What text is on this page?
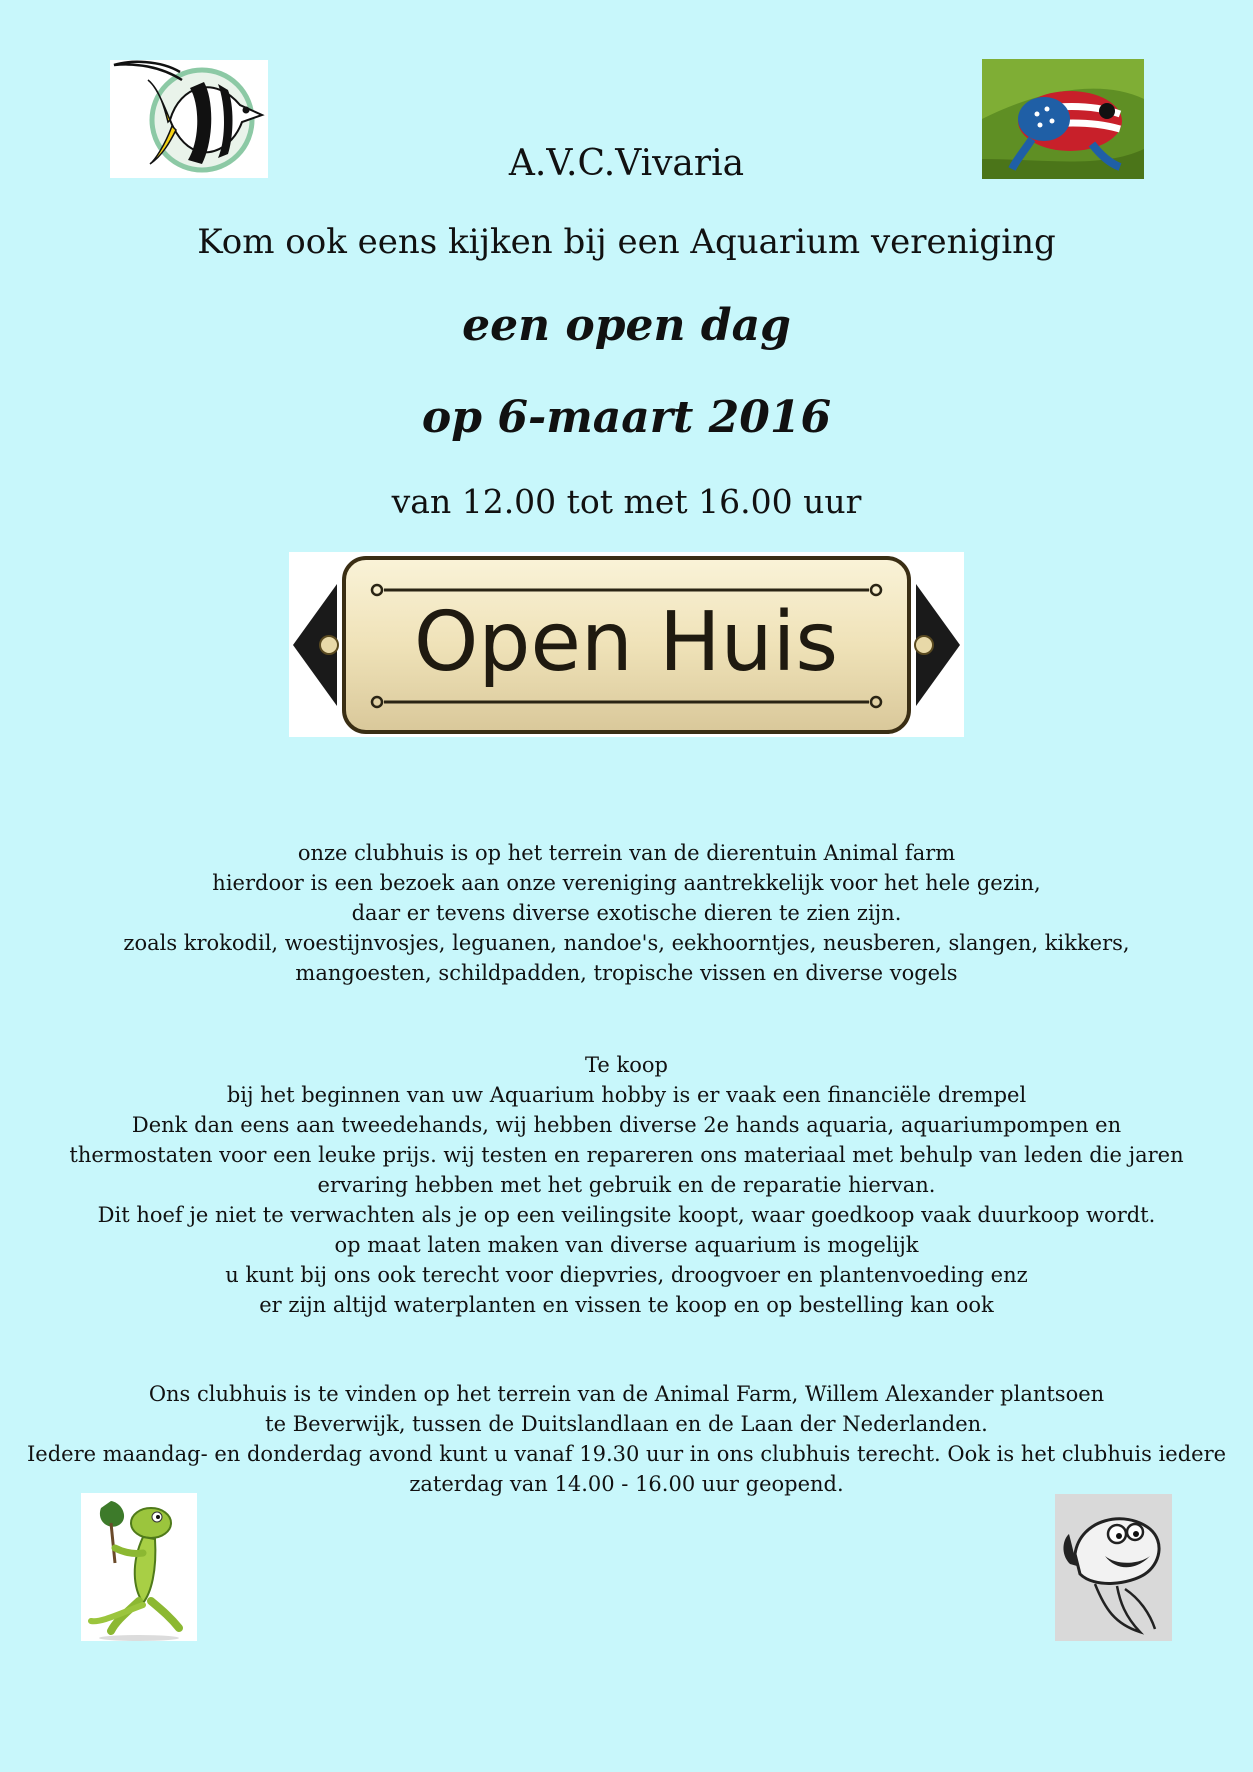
A.V.C.Vivaria
Kom ook eens kijken bij een Aquarium vereniging
een open dag
op 6-maart 2016
van 12.00 tot met 16.00 uur
Open Huis
onze clubhuis is op het terrein van de dierentuin Animal farm
hierdoor is een bezoek aan onze vereniging aantrekkelijk voor het hele gezin,
daar er tevens diverse exotische dieren te zien zijn.
zoals krokodil, woestijnvosjes, leguanen, nandoe's, eekhoorntjes, neusberen, slangen, kikkers,
mangoesten, schildpadden, tropische vissen en diverse vogels
Te koop
bij het beginnen van uw Aquarium hobby is er vaak een financiële drempel
Denk dan eens aan tweedehands, wij hebben diverse 2e hands aquaria, aquariumpompen en
thermostaten voor een leuke prijs. wij testen en repareren ons materiaal met behulp van leden die jaren
ervaring hebben met het gebruik en de reparatie hiervan.
Dit hoef je niet te verwachten als je op een veilingsite koopt, waar goedkoop vaak duurkoop wordt.
op maat laten maken van diverse aquarium is mogelijk
u kunt bij ons ook terecht voor diepvries, droogvoer en plantenvoeding enz
er zijn altijd waterplanten en vissen te koop en op bestelling kan ook
Ons clubhuis is te vinden op het terrein van de Animal Farm, Willem Alexander plantsoen
te Beverwijk, tussen de Duitslandlaan en de Laan der Nederlanden.
Iedere maandag- en donderdag avond kunt u vanaf 19.30 uur in ons clubhuis terecht. Ook is het clubhuis iedere
zaterdag van 14.00 - 16.00 uur geopend.
